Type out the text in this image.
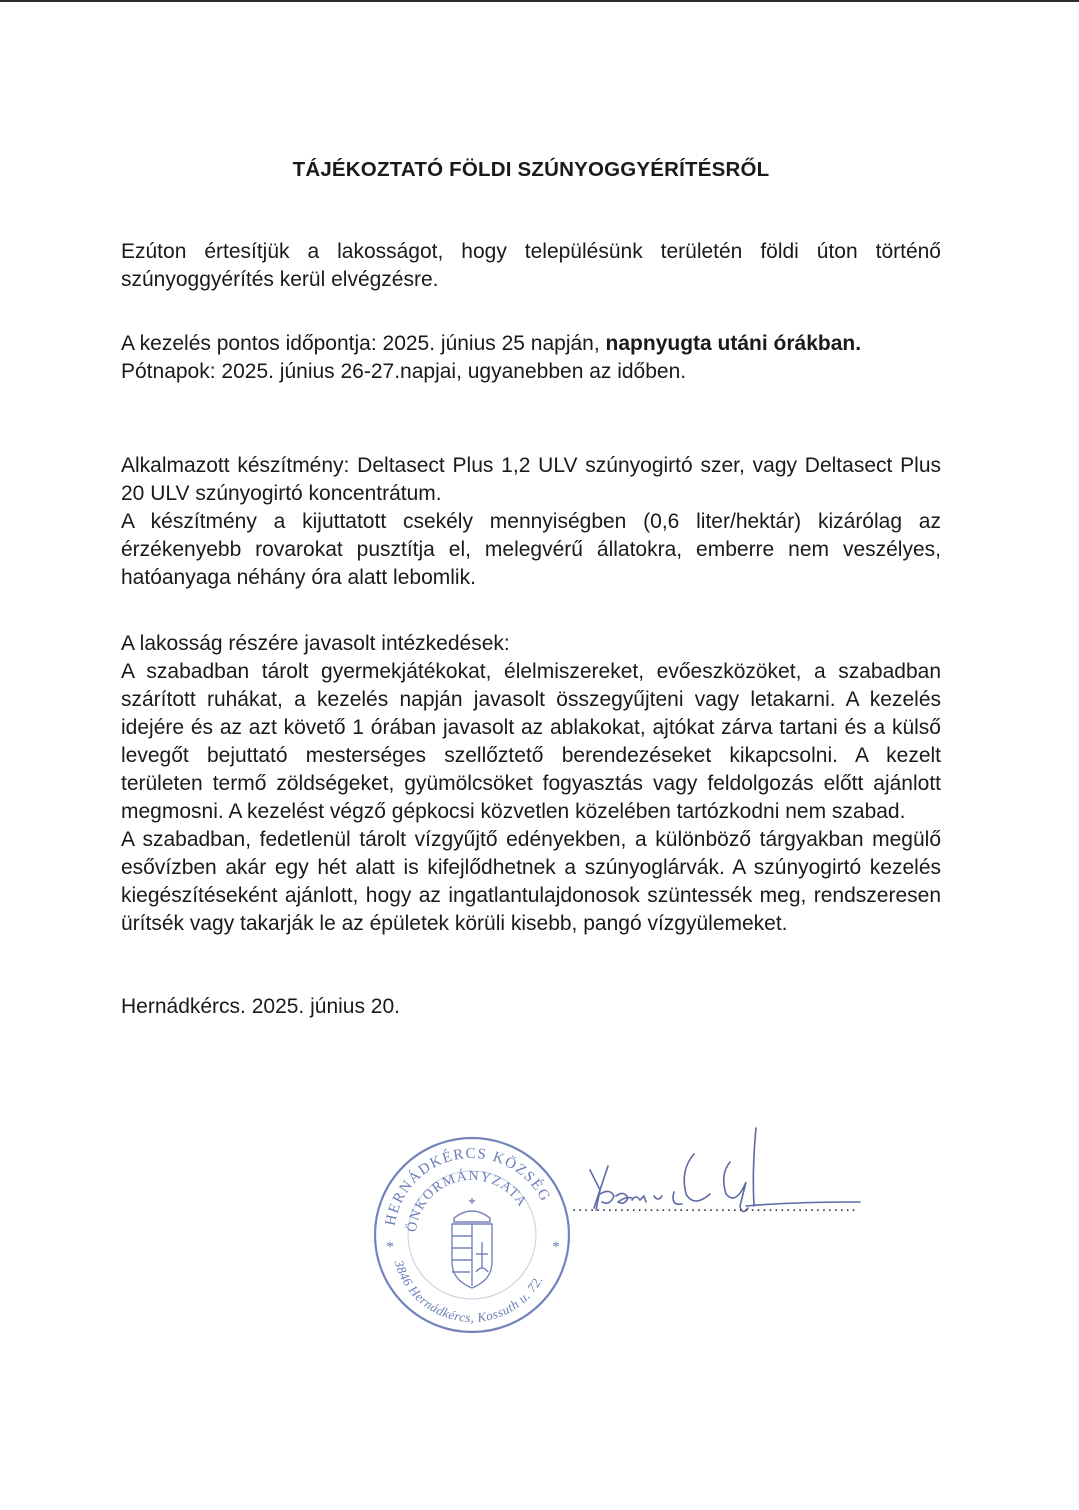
TÁJÉKOZTATÓ FÖLDI SZÚNYOGGYÉRÍTÉSRŐL

Ezúton értesítjük a lakosságot, hogy településünk területén földi úton történő szúnyoggyérítés kerül elvégzésre.

A kezelés pontos időpontja: 2025. június 25 napján, napnyugta utáni órákban.

Pótnapok: 2025. június 26-27.napjai, ugyanebben az időben.

Alkalmazott készítmény: Deltasect Plus 1,2 ULV szúnyogirtó szer, vagy Deltasect Plus 20 ULV szúnyogirtó koncentrátum.

A készítmény a kijuttatott csekély mennyiségben (0,6 liter/hektár) kizárólag az érzékenyebb rovarokat pusztítja el, melegvérű állatokra, emberre nem veszélyes, hatóanyaga néhány óra alatt lebomlik.

A lakosság részére javasolt intézkedések:

A szabadban tárolt gyermekjátékokat, élelmiszereket, evőeszközöket, a szabadban szárított ruhákat, a kezelés napján javasolt összegyűjteni vagy letakarni. A kezelés idejére és az azt követő 1 órában javasolt az ablakokat, ajtókat zárva tartani és a külső levegőt bejuttató mesterséges szellőztető berendezéseket kikapcsolni. A kezelt területen termő zöldségeket, gyümölcsöket fogyasztás vagy feldolgozás előtt ajánlott megmosni. A kezelést végző gépkocsi közvetlen közelében tartózkodni nem szabad.

A szabadban, fedetlenül tárolt vízgyűjtő edényekben, a különböző tárgyakban megülő esővízben akár egy hét alatt is kifejlődhetnek a szúnyoglárvák. A szúnyogirtó kezelés kiegészítéseként ajánlott, hogy az ingatlantulajdonosok szüntessék meg, rendszeresen ürítsék vagy takarják le az épületek körüli kisebb, pangó vízgyülemeket.

Hernádkércs. 2025. június 20.

HERNÁDKÉRCS KÖZSÉG
ÖNKORMÁNYZATA
3846 Hernádkércs, Kossuth u. 72.
*	*
................................................
